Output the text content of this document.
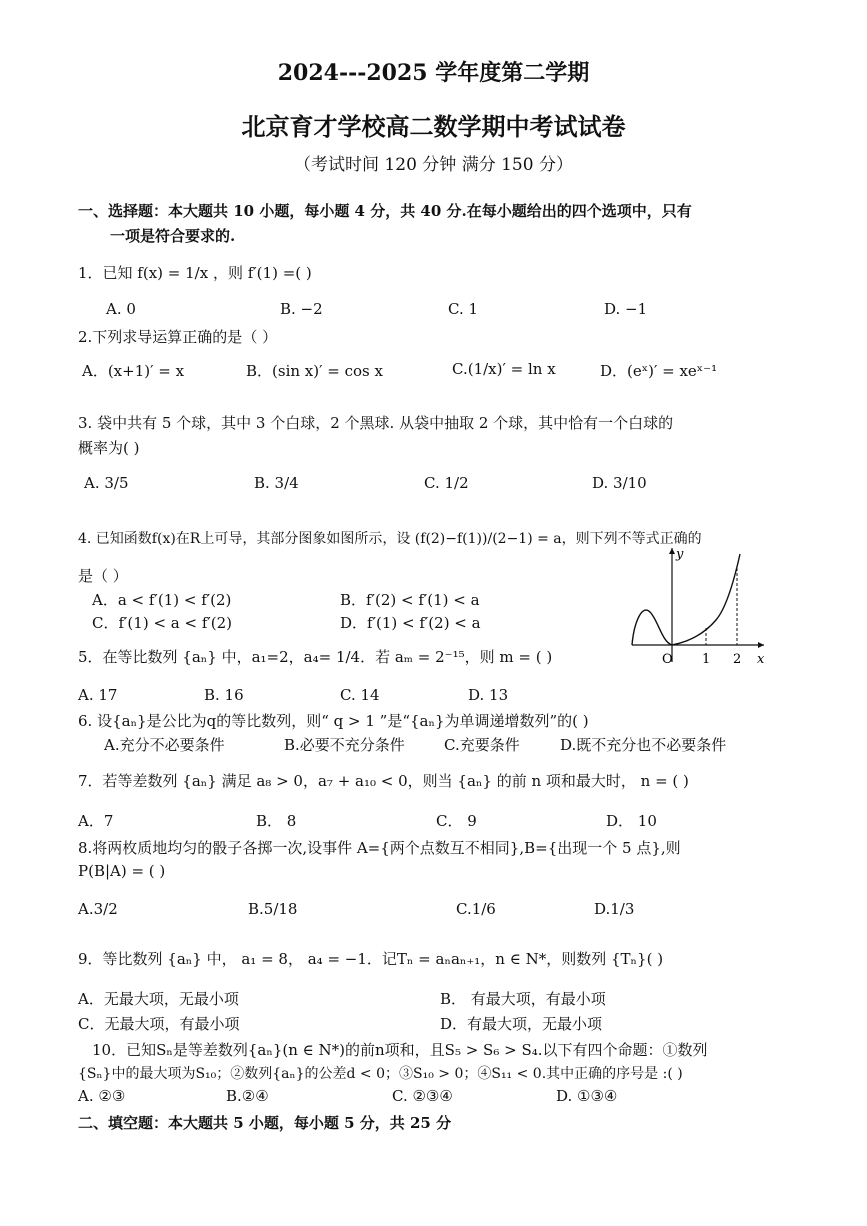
2024---2025 学年度第二学期
北京育才学校高二数学期中考试试卷
（考试时间 120 分钟 满分 150 分）
一、选择题：本大题共 10 小题，每小题 4 分，共 40 分.在每小题给出的四个选项中，只有
一项是符合要求的.
1．已知 f(x) = 1/x ，则 f′(1) =( )
A. 0	B. −2	C. 1	D. −1
2.下列求导运算正确的是（ ）
A．(x+1)′ = x	B．(sin x)′ = cos x	C.(1/x)′ = ln x	D．(eˣ)′ = xeˣ⁻¹
3. 袋中共有 5 个球，其中 3 个白球，2 个黑球. 从袋中抽取 2 个球，其中恰有一个白球的
概率为( )
A. 3/5	B. 3/4	C. 1/2	D. 3/10
4. 已知函数f(x)在R上可导，其部分图象如图所示，设 (f(2)−f(1))/(2−1) = a，则下列不等式正确的
是（ ）
A．a < f′(1) < f′(2)	B．f′(2) < f′(1) < a
C．f′(1) < a < f′(2)	D．f′(1) < f′(2) < a
y
x
O 1 2
5．在等比数列 {aₙ} 中，a₁=2，a₄= 1/4．若 aₘ = 2⁻¹⁵，则 m = ( )
A. 17	B. 16	C. 14	D. 13
6. 设{aₙ}是公比为q的等比数列，则“ q > 1 ”是“{aₙ}为单调递增数列”的( )
A.充分不必要条件	B.必要不充分条件	C.充要条件	D.既不充分也不必要条件
7．若等差数列 {aₙ} 满足 a₈ > 0，a₇ + a₁₀ < 0，则当 {aₙ} 的前 n 项和最大时， n = ( )
A．7	B． 8	C． 9	D． 10
8.将两枚质地均匀的骰子各掷一次,设事件 A={两个点数互不相同},B={出现一个 5 点},则
P(B|A) = ( )
A.3/2	B.5/18	C.1/6	D.1/3
9．等比数列 {aₙ} 中， a₁ = 8， a₄ = −1．记Tₙ = aₙaₙ₊₁，n ∈ N*，则数列 {Tₙ}( )
A．无最大项，无最小项	B． 有最大项，有最小项
C．无最大项，有最小项	D．有最大项，无最小项
10．已知Sₙ是等差数列{aₙ}(n ∈ N*)的前n项和，且S₅ > S₆ > S₄.以下有四个命题：①数列
{Sₙ}中的最大项为S₁₀；②数列{aₙ}的公差d < 0；③S₁₀ > 0；④S₁₁ < 0.其中正确的序号是 :( )
A. ②③	B.②④	C. ②③④	D. ①③④
二、填空题：本大题共 5 小题，每小题 5 分，共 25 分
